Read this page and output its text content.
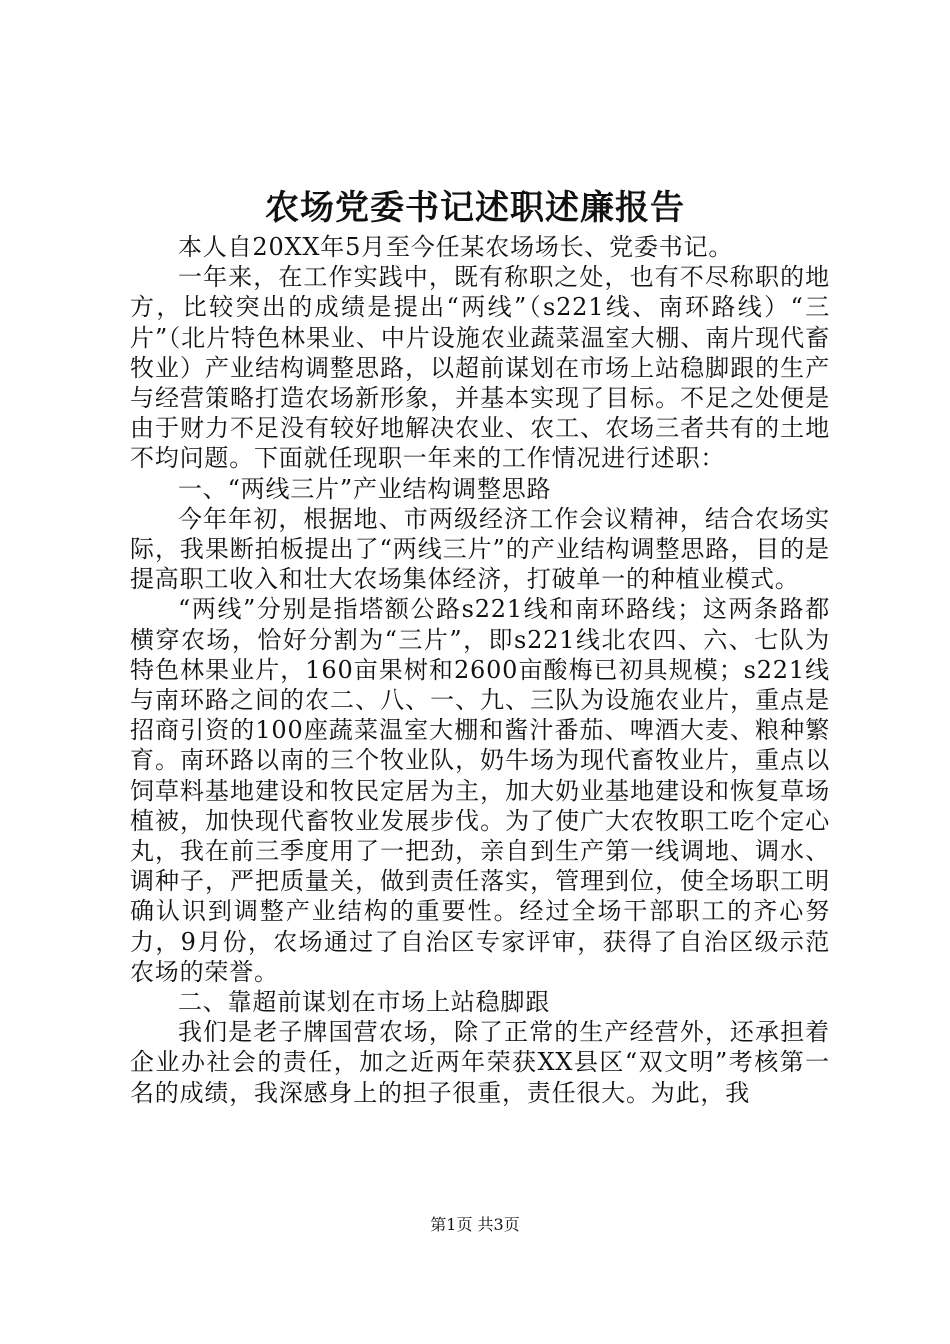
农场党委书记述职述廉报告

本人自20XX年5月至今任某农场场长、党委书记。

一年来，在工作实践中，既有称职之处，也有不尽称职的地方，比较突出的成绩是提出“两线”（s221线、南环路线）“三片”（北片特色林果业、中片设施农业蔬菜温室大棚、南片现代畜牧业）产业结构调整思路，以超前谋划在市场上站稳脚跟的生产与经营策略打造农场新形象，并基本实现了目标。不足之处便是由于财力不足没有较好地解决农业、农工、农场三者共有的土地不均问题。下面就任现职一年来的工作情况进行述职：

一、“两线三片”产业结构调整思路

今年年初，根据地、市两级经济工作会议精神，结合农场实际，我果断拍板提出了“两线三片”的产业结构调整思路，目的是提高职工收入和壮大农场集体经济，打破单一的种植业模式。

“两线”分别是指塔额公路s221线和南环路线；这两条路都横穿农场，恰好分割为“三片”，即s221线北农四、六、七队为特色林果业片，160亩果树和2600亩酸梅已初具规模；s221线与南环路之间的农二、八、一、九、三队为设施农业片，重点是招商引资的100座蔬菜温室大棚和酱汁番茄、啤酒大麦、粮种繁育。南环路以南的三个牧业队，奶牛场为现代畜牧业片，重点以饲草料基地建设和牧民定居为主，加大奶业基地建设和恢复草场植被，加快现代畜牧业发展步伐。为了使广大农牧职工吃个定心丸，我在前三季度用了一把劲，亲自到生产第一线调地、调水、调种子，严把质量关，做到责任落实，管理到位，使全场职工明确认识到调整产业结构的重要性。经过全场干部职工的齐心努力，9月份，农场通过了自治区专家评审，获得了自治区级示范农场的荣誉。

二、靠超前谋划在市场上站稳脚跟

我们是老子牌国营农场，除了正常的生产经营外，还承担着企业办社会的责任，加之近两年荣获XX县区“双文明”考核第一名的成绩，我深感身上的担子很重，责任很大。为此，我

第1页 共3页
